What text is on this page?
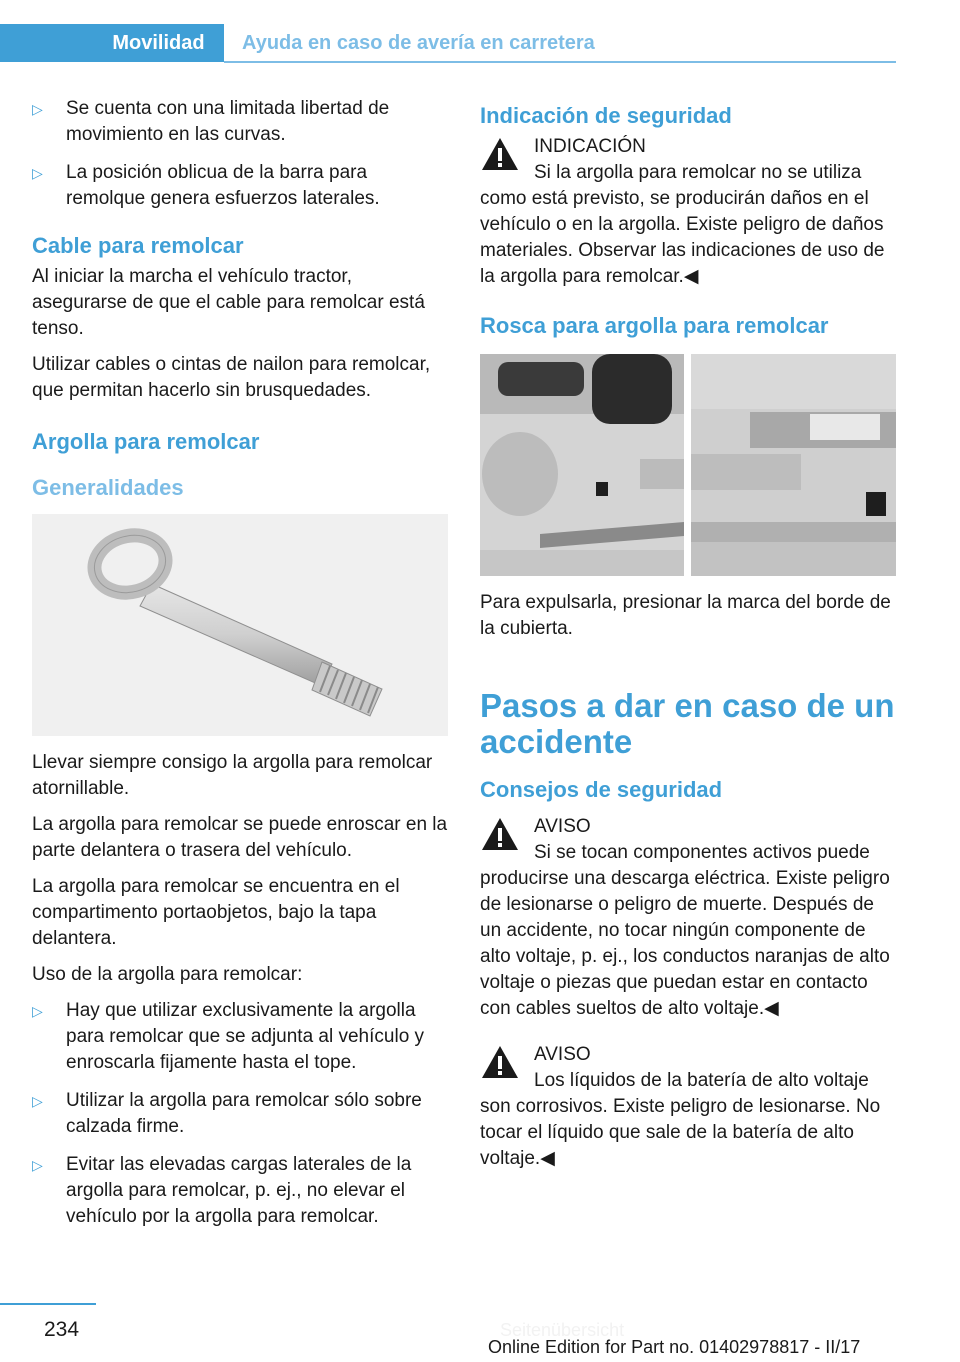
Movilidad	Ayuda en caso de avería en carretera
▷	Se cuenta con una limitada libertad de movimiento en las curvas.
▷	La posición oblicua de la barra para remolque genera esfuerzos laterales.
Cable para remolcar

Al iniciar la marcha el vehículo tractor, asegurarse de que el cable para remolcar está tenso.

Utilizar cables o cintas de nailon para remolcar, que permitan hacerlo sin brusquedades.

Argolla para remolcar
Generalidades

Llevar siempre consigo la argolla para remolcar atornillable.

La argolla para remolcar se puede enroscar en la parte delantera o trasera del vehículo.

La argolla para remolcar se encuentra en el compartimento portaobjetos, bajo la tapa delantera.

Uso de la argolla para remolcar:

▷	Hay que utilizar exclusivamente la argolla para remolcar que se adjunta al vehículo y enroscarla fijamente hasta el tope.
▷	Utilizar la argolla para remolcar sólo sobre calzada firme.
▷	Evitar las elevadas cargas laterales de la argolla para remolcar, p. ej., no elevar el vehículo por la argolla para remolcar.
Indicación de seguridad
INDICACIÓN
Si la argolla para remolcar no se utiliza como está previsto, se producirán daños en el vehículo o en la argolla. Existe peligro de daños materiales. Observar las indicaciones de uso de la argolla para remolcar.◀
Rosca para argolla para remolcar

Para expulsarla, presionar la marca del borde de la cubierta.

Pasos a dar en caso de un accidente
Consejos de seguridad
AVISO
Si se tocan componentes activos puede producirse una descarga eléctrica. Existe peligro de lesionarse o peligro de muerte. Después de un accidente, no tocar ningún componente de alto voltaje, p. ej., los conductos naranjas de alto voltaje o piezas que puedan estar en contacto con cables sueltos de alto voltaje.◀
AVISO
Los líquidos de la batería de alto voltaje son corrosivos. Existe peligro de lesionarse. No tocar el líquido que sale de la batería de alto voltaje.◀
234	Seitenübersicht
Online Edition for Part no. 01402978817 - II/17
